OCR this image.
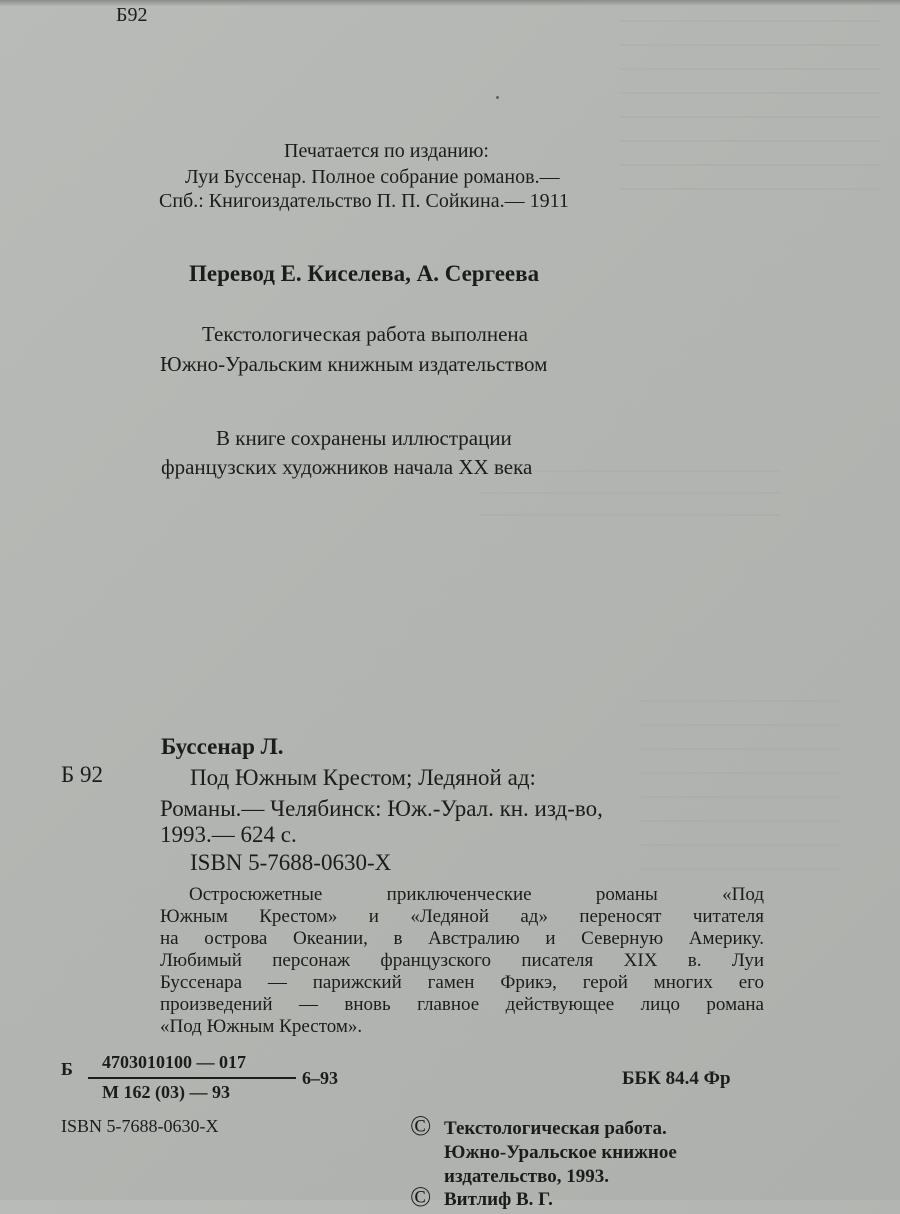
Б92
Печатается по изданию:
Луи Буссенар. Полное собрание романов.—
Спб.: Книгоиздательство П. П. Сойкина.— 1911
Перевод Е. Киселева, А. Сергеева
Текстологическая работа выполнена
Южно-Уральским книжным издательством
В книге сохранены иллюстрации
французских художников начала XX века
Буссенар Л.
Б 92	Под Южным Крестом; Ледяной ад:
Романы.— Челябинск: Юж.-Урал. кн. изд-во,
1993.— 624 с.
ISBN 5-7688-0630-X
Остросюжетные приключенческие романы «Под
Южным Крестом» и «Ледяной ад» переносят читателя
на острова Океании, в Австралию и Северную Америку.
Любимый персонаж французского писателя XIX в. Луи
Буссенара — парижский гамен Фрикэ, герой многих его
произведений — вновь главное действующее лицо романа
«Под Южным Крестом».
Б 4703010100 — 017
М 162 (03) — 93
6–93	ББК 84.4 Фр
ISBN 5-7688-0630-X	©
©
Текстологическая работа.
Южно-Уральское книжное
издательство, 1993.
Витлиф В. Г.
